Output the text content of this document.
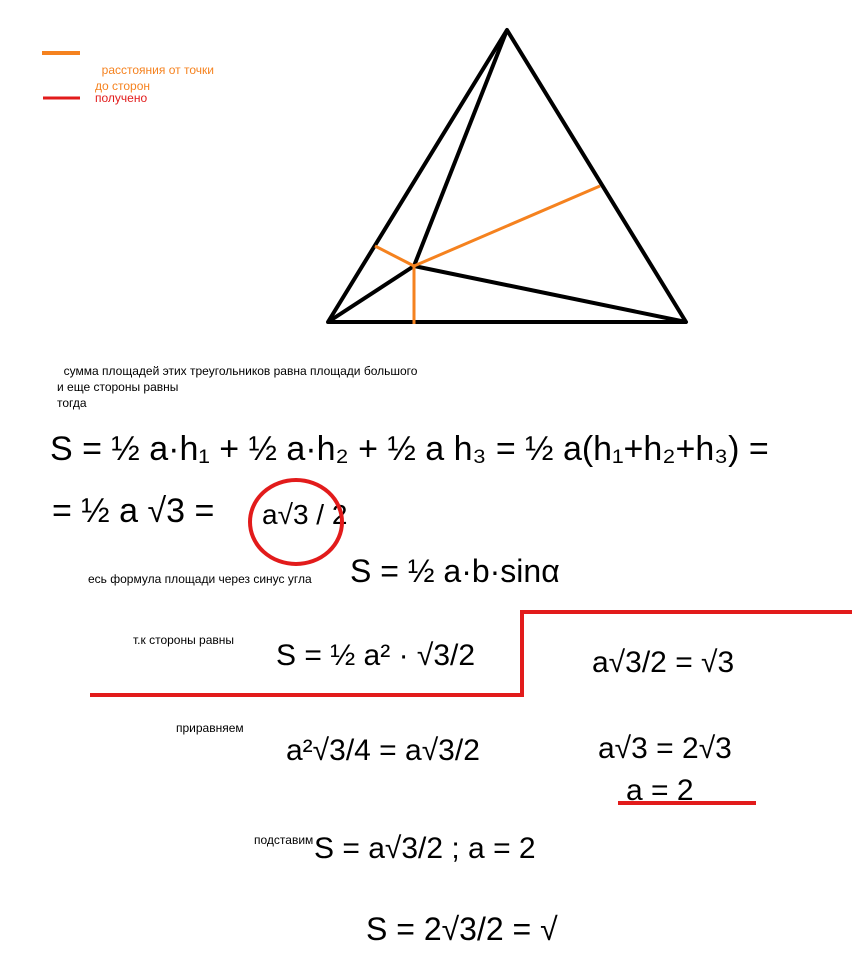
S = ½ a·h₁ + ½ a·h₂ + ½ a h₃ = ½ a(h₁+h₂+h₃) =
= ½ a √3 = a√3 / 2
S = ½ a·b·sinα
S = ½ a² · √3/2
a²√3/4 = a√3/2
a√3/2 = √3
a√3 = 2√3
a = 2
S = a√3/2 ; a = 2
S = 2√3/2 = √

расстояния от точки
до сторон

получено

сумма площадей этих треугольников равна площади большого
и еще стороны равны
тогда

есь формула площади через синус угла
т.к стороны равны
приравняем
подставим
